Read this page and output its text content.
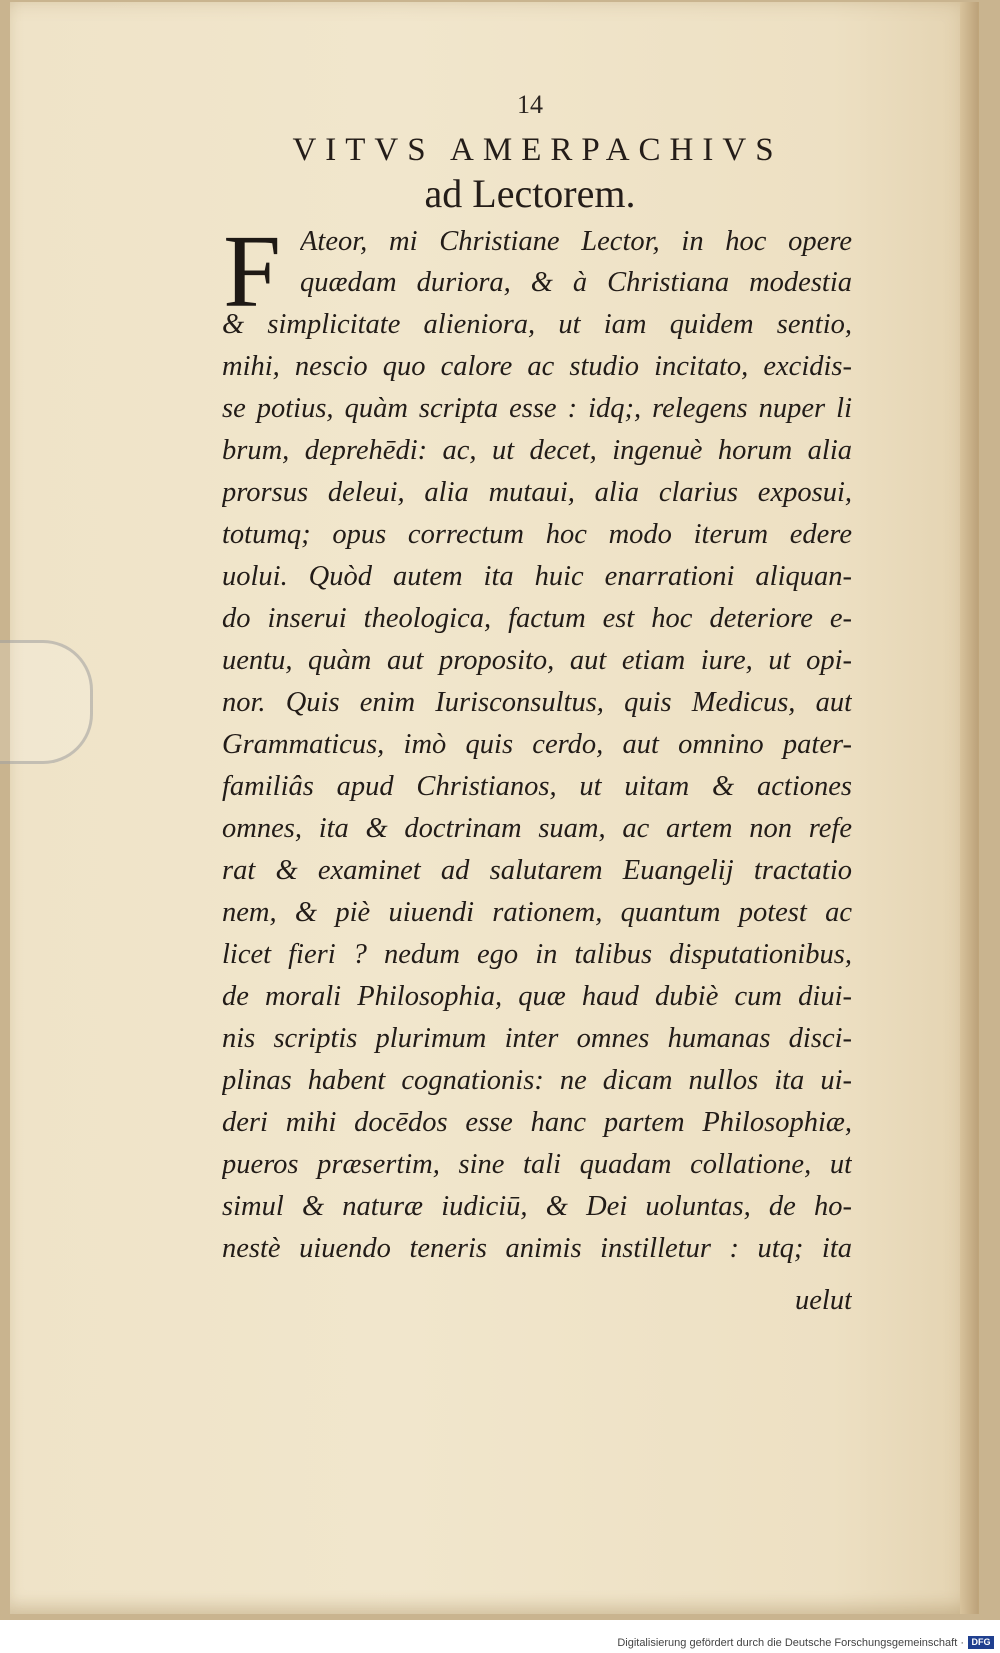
14
VITVS AMERPACHIVS
ad Lectorem.
F Ateor, mi Christiane Lector, in hoc opere
quædam duriora, & à Christiana modestia
& simplicitate alieniora, ut iam quidem sentio,
mihi, nescio quo calore ac studio incitato, excidis-
se potius, quàm scripta esse : idq;, relegens nuper li
brum, deprehēdi: ac, ut decet, ingenuè horum alia
prorsus deleui, alia mutaui, alia clarius exposui,
totumq; opus correctum hoc modo iterum edere
uolui. Quòd autem ita huic enarrationi aliquan-
do inserui theologica, factum est hoc deteriore e-
uentu, quàm aut proposito, aut etiam iure, ut opi-
nor. Quis enim Iurisconsultus, quis Medicus, aut
Grammaticus, imò quis cerdo, aut omnino pater-
familiâs apud Christianos, ut uitam & actiones
omnes, ita & doctrinam suam, ac artem non refe
rat & examinet ad salutarem Euangelij tractatio
nem, & piè uiuendi rationem, quantum potest ac
licet fieri ? nedum ego in talibus disputationibus,
de morali Philosophia, quæ haud dubiè cum diui-
nis scriptis plurimum inter omnes humanas disci-
plinas habent cognationis: ne dicam nullos ita ui-
deri mihi docēdos esse hanc partem Philosophiæ,
pueros præsertim, sine tali quadam collatione, ut
simul & naturæ iudiciū, & Dei uoluntas, de ho-
nestè uiuendo teneris animis instilletur : utq; ita
uelut
Digitalisierung gefördert durch die Deutsche Forschungsgemeinschaft · DFG
